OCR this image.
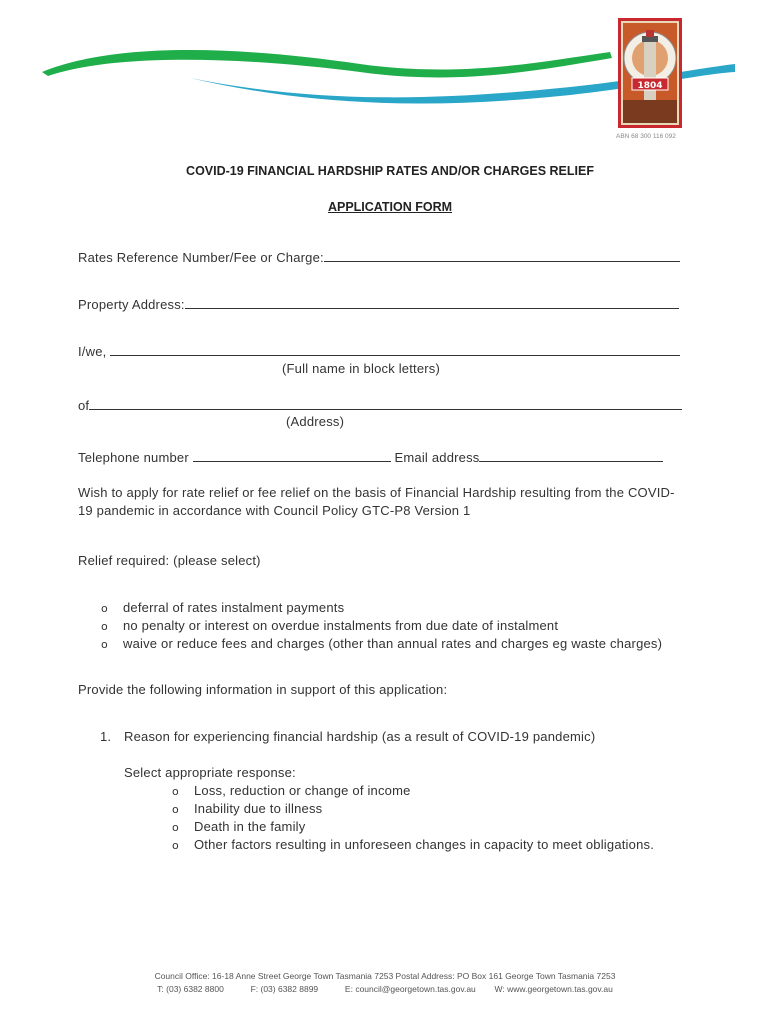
1804
ABN 68 300 116 092
COVID-19 FINANCIAL HARDSHIP RATES AND/OR CHARGES RELIEF
APPLICATION FORM
Rates Reference Number/Fee or Charge:
Property Address:
I/we,
(Full name in block letters)
of
(Address)
Telephone number	Email address
Wish to apply for rate relief or fee relief on the basis of Financial Hardship resulting from the COVID-
19 pandemic in accordance with Council Policy GTC-P8 Version 1
Relief required: (please select)
o deferral of rates instalment payments
o no penalty or interest on overdue instalments from due date of instalment
o waive or reduce fees and charges (other than annual rates and charges eg waste charges)
Provide the following information in support of this application:
1. Reason for experiencing financial hardship (as a result of COVID-19 pandemic)
Select appropriate response:
o Loss, reduction or change of income
o Inability due to illness
o Death in the family
o Other factors resulting in unforeseen changes in capacity to meet obligations.
Council Office: 16-18 Anne Street George Town Tasmania 7253 Postal Address: PO Box 161 George Town Tasmania 7253
T: (03) 6382 8800	F: (03) 6382 8899	E: council@georgetown.tas.gov.au W: www.georgetown.tas.gov.au
